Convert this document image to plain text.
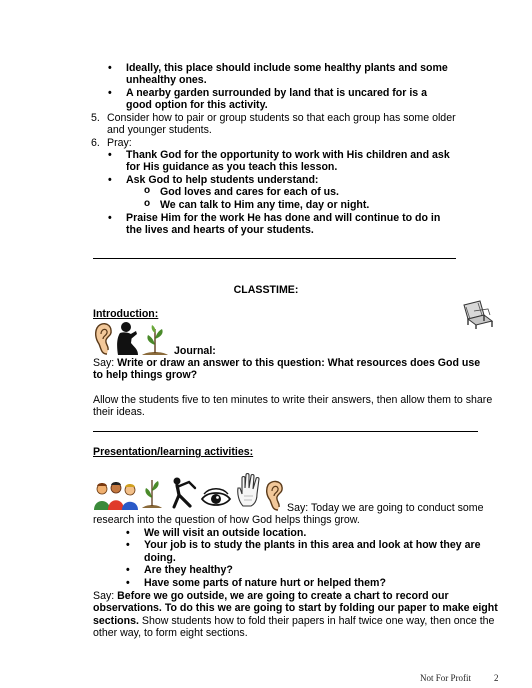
• Ideally, this place should include some healthy plants and some unhealthy ones.
• A nearby garden surrounded by land that is uncared for is a good option for this activity.
5. Consider how to pair or group students so that each group has some older and younger students.
6. Pray:
• Thank God for the opportunity to work with His children and ask for His guidance as you teach this lesson.
• Ask God to help students understand:
o God loves and cares for each of us.
o We can talk to Him any time, day or night.
• Praise Him for the work He has done and will continue to do in the lives and hearts of your students.
CLASSTIME:
Introduction:
Journal:
Say: Write or draw an answer to this question: What resources does God use to help things grow?
Allow the students five to ten minutes to write their answers, then allow them to share their ideas.
Presentation/learning activities:
Say: Today we are going to conduct some research into the question of how God helps things grow.
• We will visit an outside location.
• Your job is to study the plants in this area and look at how they are doing.
• Are they healthy?
• Have some parts of nature hurt or helped them?
Say: Before we go outside, we are going to create a chart to record our observations. To do this we are going to start by folding our paper to make eight sections. Show students how to fold their papers in half twice one way, then once the other way, to form eight sections.
Not For Profit	2
